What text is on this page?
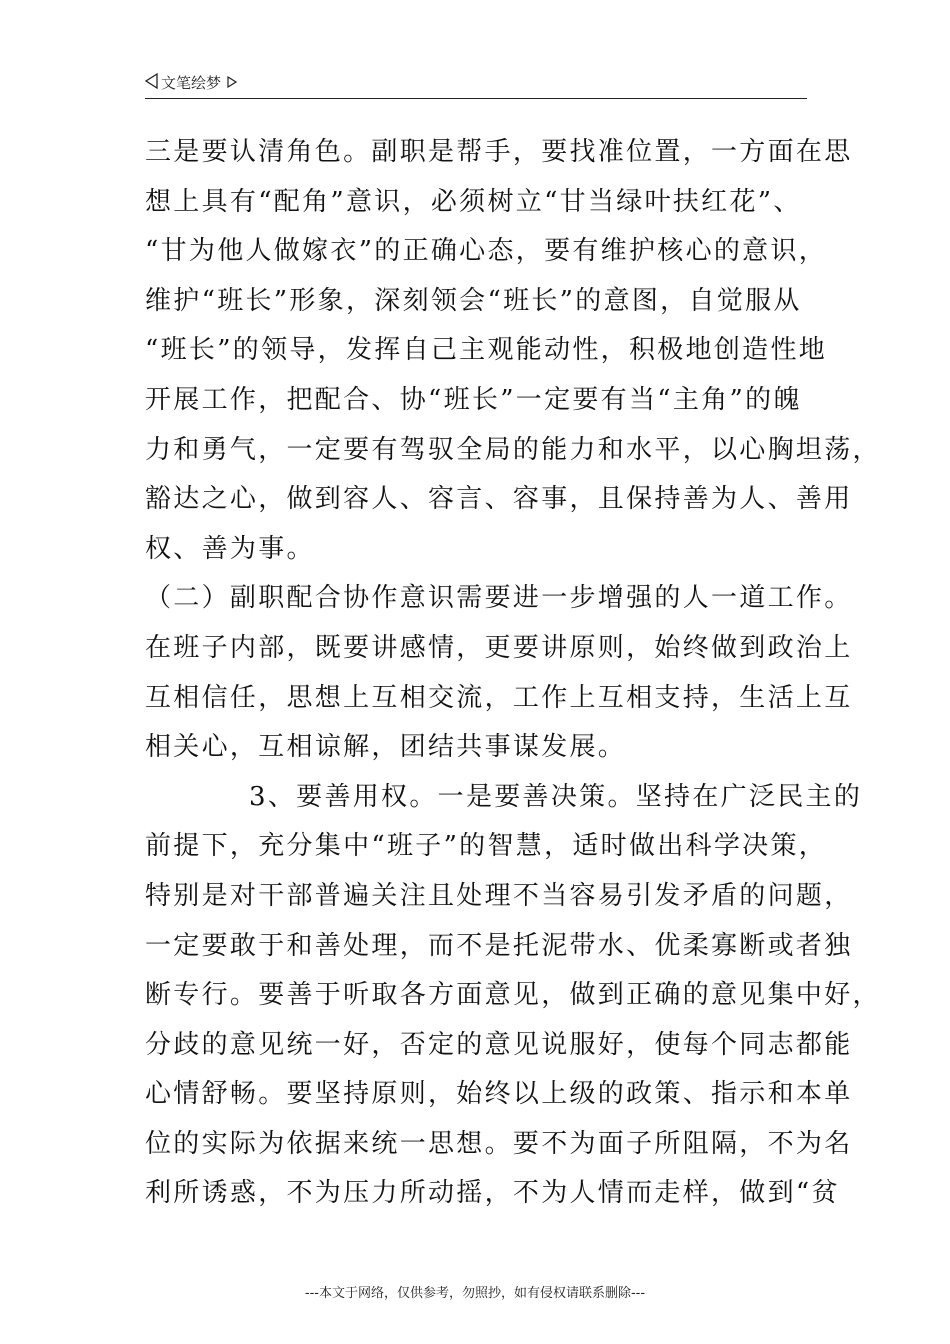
文笔绘梦
三是要认清角色。副职是帮手，要找准位置，一方面在思
想上具有“配角”意识，必须树立“甘当绿叶扶红花”、
“甘为他人做嫁衣”的正确心态，要有维护核心的意识，
维护“班长”形象，深刻领会“班长”的意图，自觉服从
“班长”的领导，发挥自己主观能动性，积极地创造性地
开展工作，把配合、协“班长”一定要有当“主角”的魄
力和勇气，一定要有驾驭全局的能力和水平，以心胸坦荡，
豁达之心，做到容人、容言、容事，且保持善为人、善用
权、善为事。
（二）副职配合协作意识需要进一步增强的人一道工作。
在班子内部，既要讲感情，更要讲原则，始终做到政治上
互相信任，思想上互相交流，工作上互相支持，生活上互
相关心，互相谅解，团结共事谋发展。
3、要善用权。一是要善决策。坚持在广泛民主的
前提下，充分集中“班子”的智慧，适时做出科学决策，
特别是对干部普遍关注且处理不当容易引发矛盾的问题，
一定要敢于和善处理，而不是托泥带水、优柔寡断或者独
断专行。要善于听取各方面意见，做到正确的意见集中好，
分歧的意见统一好，否定的意见说服好，使每个同志都能
心情舒畅。要坚持原则，始终以上级的政策、指示和本单
位的实际为依据来统一思想。要不为面子所阻隔，不为名
利所诱惑，不为压力所动摇，不为人情而走样，做到“贫
---本文于网络，仅供参考，勿照抄，如有侵权请联系删除---
